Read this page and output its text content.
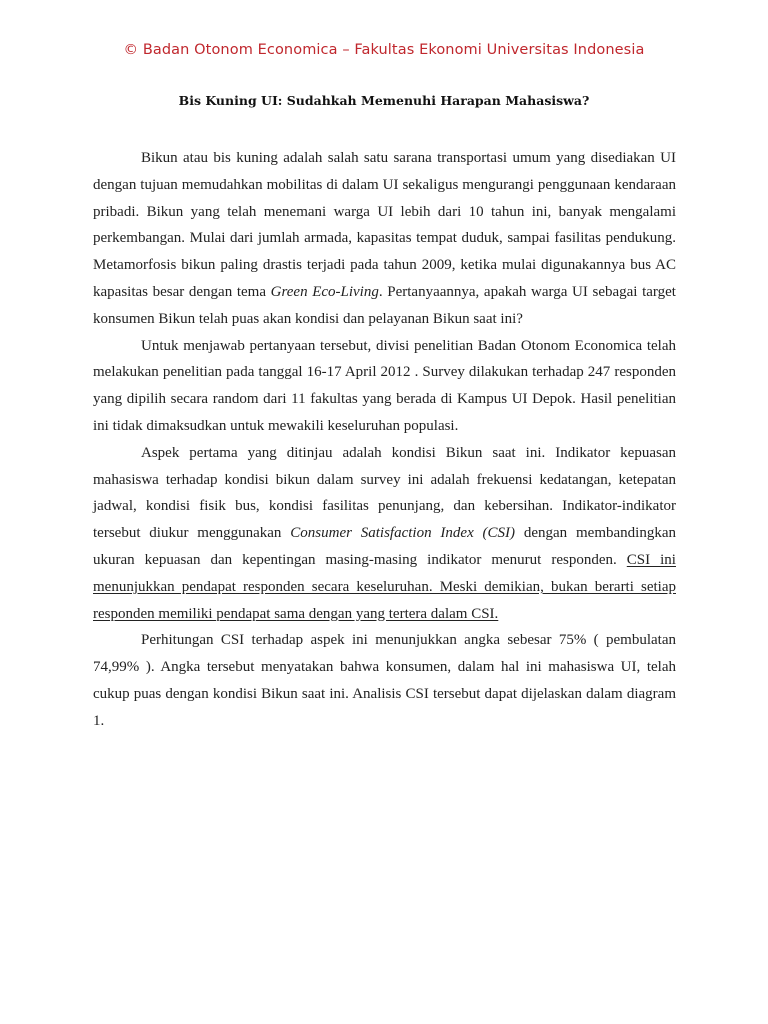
© Badan Otonom Economica – Fakultas Ekonomi Universitas Indonesia
Bis Kuning UI: Sudahkah Memenuhi Harapan Mahasiswa?

Bikun atau bis kuning adalah salah satu sarana transportasi umum yang disediakan UI dengan tujuan memudahkan mobilitas di dalam UI sekaligus mengurangi penggunaan kendaraan pribadi. Bikun yang telah menemani warga UI lebih dari 10 tahun ini, banyak mengalami perkembangan. Mulai dari jumlah armada, kapasitas tempat duduk, sampai fasilitas pendukung. Metamorfosis bikun paling drastis terjadi pada tahun 2009, ketika mulai digunakannya bus AC kapasitas besar dengan tema Green Eco-Living. Pertanyaannya, apakah warga UI sebagai target konsumen Bikun telah puas akan kondisi dan pelayanan Bikun saat ini?

Untuk menjawab pertanyaan tersebut, divisi penelitian Badan Otonom Economica telah melakukan penelitian pada tanggal 16-17 April 2012 . Survey dilakukan terhadap 247 responden yang dipilih secara random dari 11 fakultas yang berada di Kampus UI Depok. Hasil penelitian ini tidak dimaksudkan untuk mewakili keseluruhan populasi.

Aspek pertama yang ditinjau adalah kondisi Bikun saat ini. Indikator kepuasan mahasiswa terhadap kondisi bikun dalam survey ini adalah frekuensi kedatangan, ketepatan jadwal, kondisi fisik bus, kondisi fasilitas penunjang, dan kebersihan. Indikator-indikator tersebut diukur menggunakan Consumer Satisfaction Index (CSI) dengan membandingkan ukuran kepuasan dan kepentingan masing-masing indikator menurut responden. CSI ini menunjukkan pendapat responden secara keseluruhan. Meski demikian, bukan berarti setiap responden memiliki pendapat sama dengan yang tertera dalam CSI.

Perhitungan CSI terhadap aspek ini menunjukkan angka sebesar 75% ( pembulatan 74,99% ). Angka tersebut menyatakan bahwa konsumen, dalam hal ini mahasiswa UI, telah cukup puas dengan kondisi Bikun saat ini. Analisis CSI tersebut dapat dijelaskan dalam diagram 1.
